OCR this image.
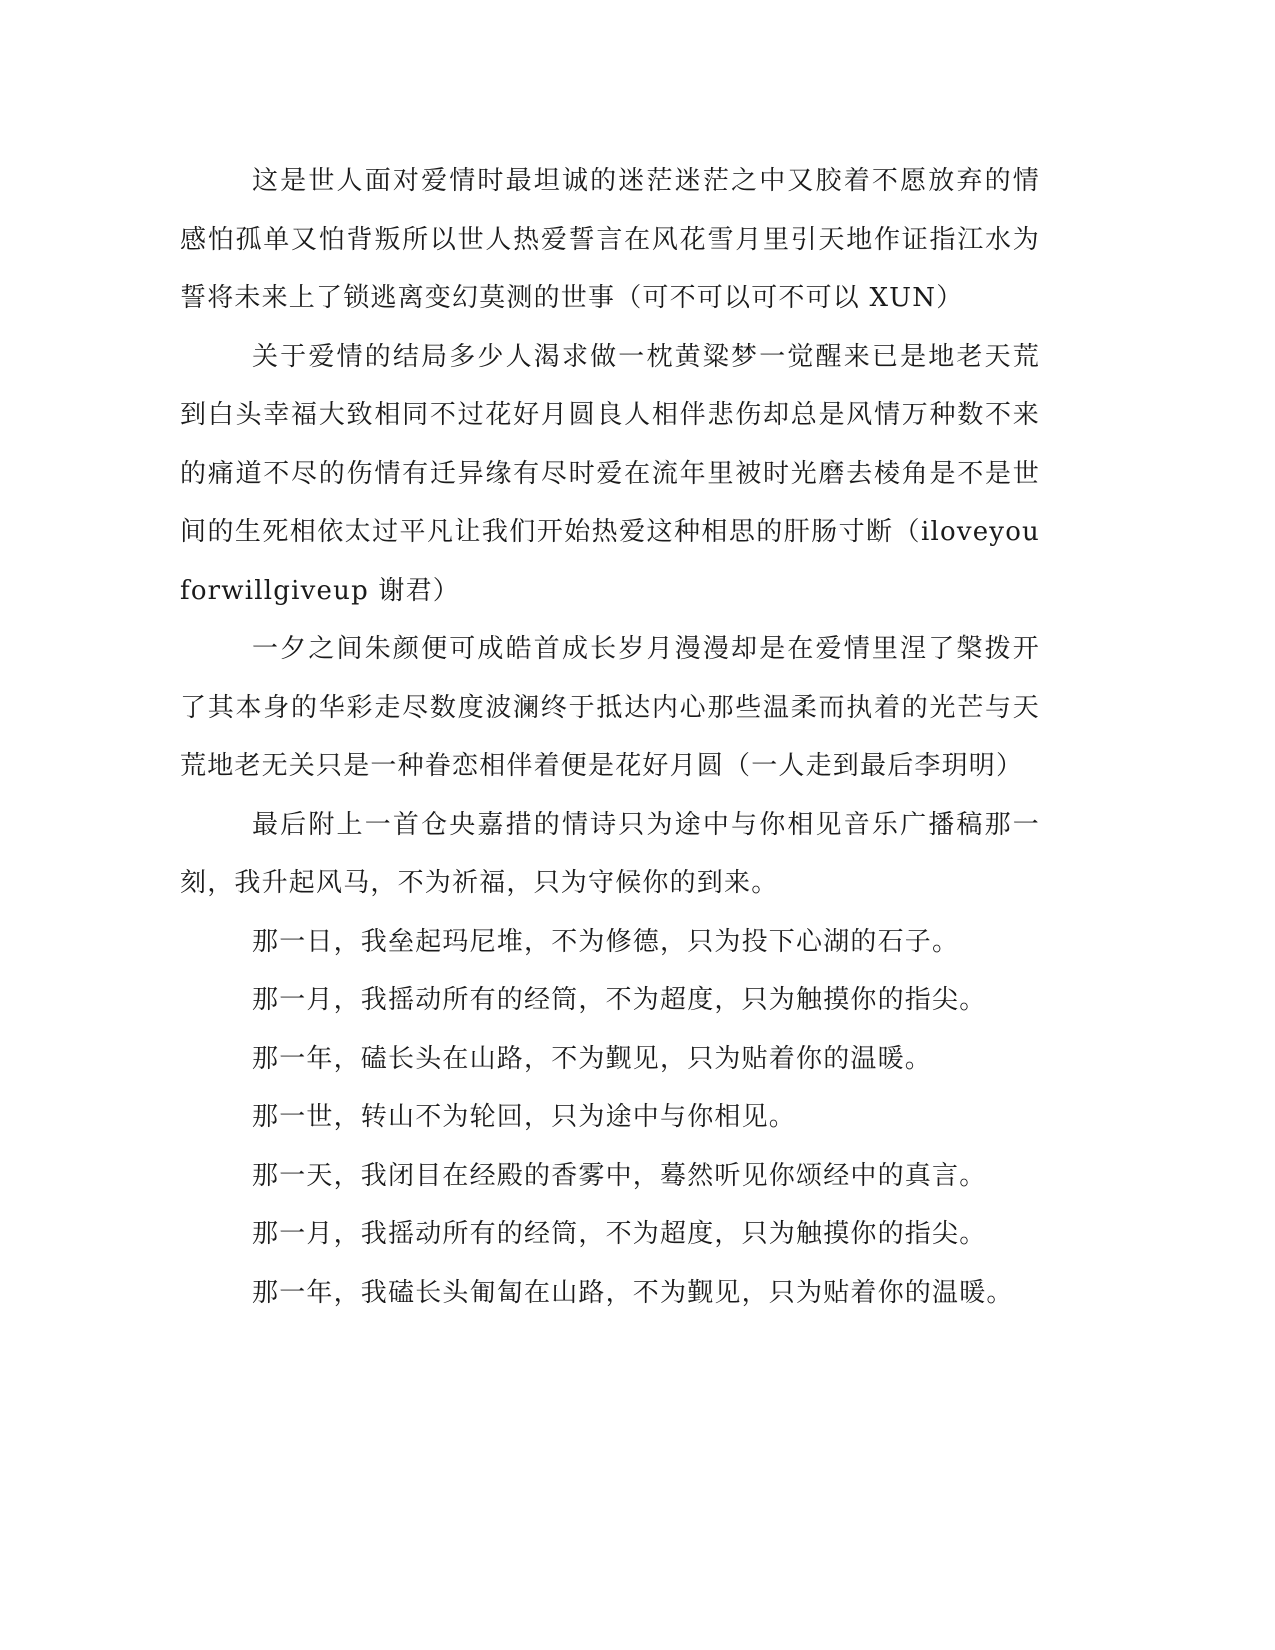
这是世人面对爱情时最坦诚的迷茫迷茫之中又胶着不愿放弃的情感怕孤单又怕背叛所以世人热爱誓言在风花雪月里引天地作证指江水为誓将未来上了锁逃离变幻莫测的世事（可不可以可不可以 XUN）

关于爱情的结局多少人渴求做一枕黄粱梦一觉醒来已是地老天荒到白头幸福大致相同不过花好月圆良人相伴悲伤却总是风情万种数不来的痛道不尽的伤情有迁异缘有尽时爱在流年里被时光磨去棱角是不是世间的生死相依太过平凡让我们开始热爱这种相思的肝肠寸断（iloveyouforwillgiveup 谢君）

一夕之间朱颜便可成皓首成长岁月漫漫却是在爱情里涅了槃拨开了其本身的华彩走尽数度波澜终于抵达内心那些温柔而执着的光芒与天荒地老无关只是一种眷恋相伴着便是花好月圆（一人走到最后李玥明）

最后附上一首仓央嘉措的情诗只为途中与你相见音乐广播稿那一刻，我升起风马，不为祈福，只为守候你的到来。

那一日，我垒起玛尼堆，不为修德，只为投下心湖的石子。

那一月，我摇动所有的经筒，不为超度，只为触摸你的指尖。

那一年，磕长头在山路，不为觐见，只为贴着你的温暖。

那一世，转山不为轮回，只为途中与你相见。

那一天，我闭目在经殿的香雾中，蓦然听见你颂经中的真言。

那一月，我摇动所有的经筒，不为超度，只为触摸你的指尖。

那一年，我磕长头匍匐在山路，不为觐见，只为贴着你的温暖。
